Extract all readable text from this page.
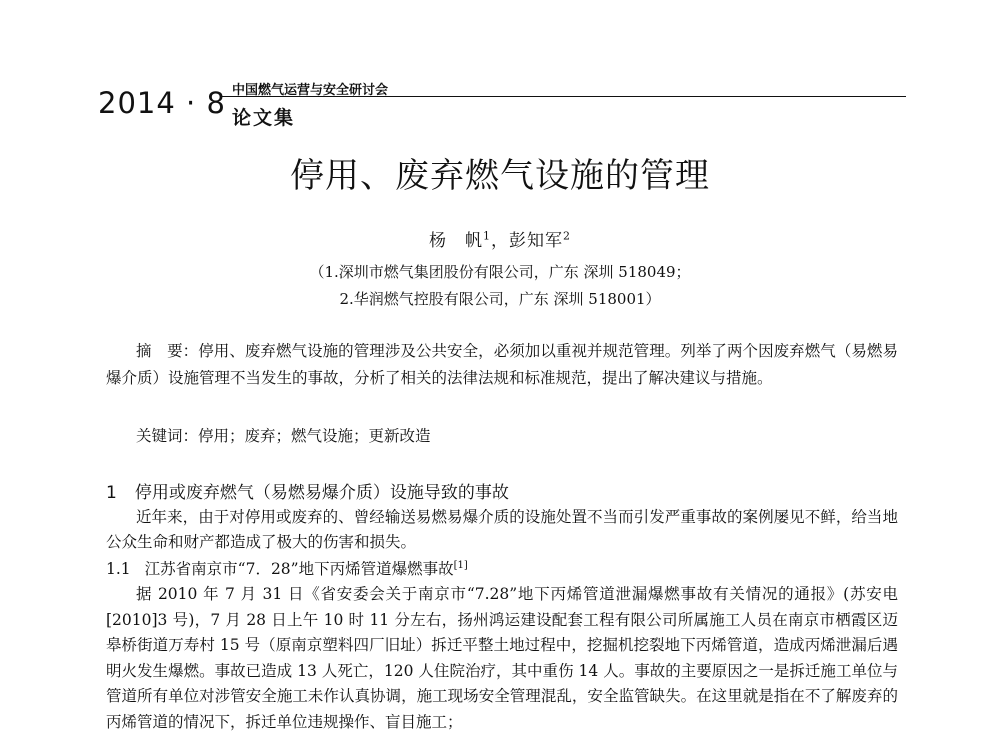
2014 · 8 中国燃气运营与安全研讨会
论文集
停用、废弃燃气设施的管理
杨　帆$^1$，彭知军$^2$
（1.深圳市燃气集团股份有限公司，广东 深圳 518049；
2.华润燃气控股有限公司，广东 深圳 518001）
摘　要：停用、废弃燃气设施的管理涉及公共安全，必须加以重视并规范管理。列举了两个因废弃燃气（易燃易爆介质）设施管理不当发生的事故，分析了相关的法律法规和标准规范，提出了解决建议与措施。
关键词：停用；废弃；燃气设施；更新改造
1 停用或废弃燃气（易燃易爆介质）设施导致的事故
近年来，由于对停用或废弃的、曾经输送易燃易爆介质的设施处置不当而引发严重事故的案例屡见不鲜，给当地公众生命和财产都造成了极大的伤害和损失。
1.1 江苏省南京市“7．28”地下丙烯管道爆燃事故[1]
据 2010 年 7 月 31 日《省安委会关于南京市“7.28”地下丙烯管道泄漏爆燃事故有关情况的通报》(苏安电[2010]3 号)，7 月 28 日上午 10 时 11 分左右，扬州鸿运建设配套工程有限公司所属施工人员在南京市栖霞区迈皋桥街道万寿村 15 号（原南京塑料四厂旧址）拆迁平整土地过程中，挖掘机挖裂地下丙烯管道，造成丙烯泄漏后遇明火发生爆燃。事故已造成 13 人死亡，120 人住院治疗，其中重伤 14 人。事故的主要原因之一是拆迁施工单位与管道所有单位对涉管安全施工未作认真协调，施工现场安全管理混乱，安全监管缺失。在这里就是指在不了解废弃的丙烯管道的情况下，拆迁单位违规操作、盲目施工；
